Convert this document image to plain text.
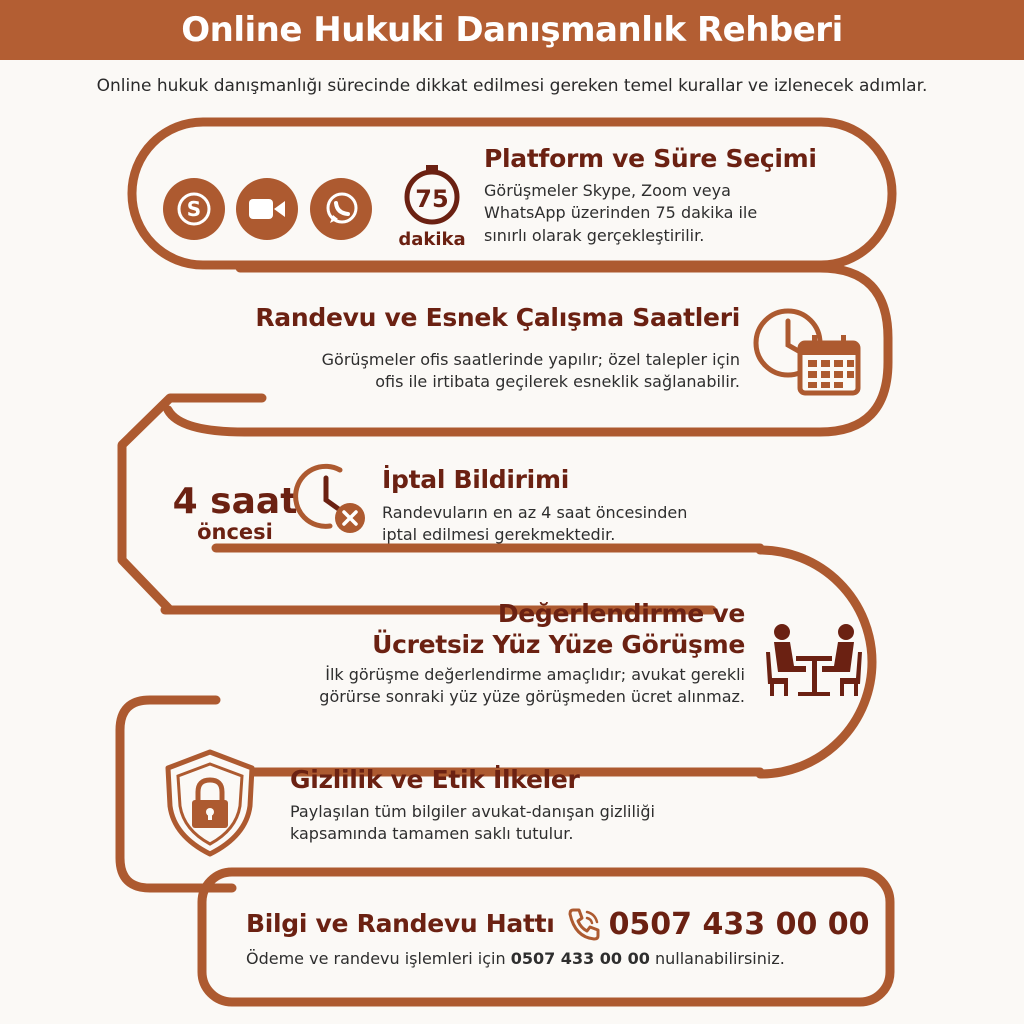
Online Hukuki Danışmanlık Rehberi
Online hukuk danışmanlığı sürecinde dikkat edilmesi gereken temel kurallar ve izlenecek adımlar.
S	75
dakika
Platform ve Süre Seçimi
Görüşmeler Skype, Zoom veya
WhatsApp üzerinden 75 dakika ile
sınırlı olarak gerçekleştirilir.
Randevu ve Esnek Çalışma Saatleri
Görüşmeler ofis saatlerinde yapılır; özel talepler için
ofis ile irtibata geçilerek esneklik sağlanabilir.
4 saat
öncesi
İptal Bildirimi
Randevuların en az 4 saat öncesinden
iptal edilmesi gerekmektedir.
Değerlendirme ve
Ücretsiz Yüz Yüze Görüşme
İlk görüşme değerlendirme amaçlıdır; avukat gerekli
görürse sonraki yüz yüze görüşmeden ücret alınmaz.
Gizlilik ve Etik İlkeler
Paylaşılan tüm bilgiler avukat-danışan gizliliği
kapsamında tamamen saklı tutulur.
Bilgi ve Randevu Hattı 0507 433 00 00
Ödeme ve randevu işlemleri için 0507 433 00 00 nullanabilirsiniz.
